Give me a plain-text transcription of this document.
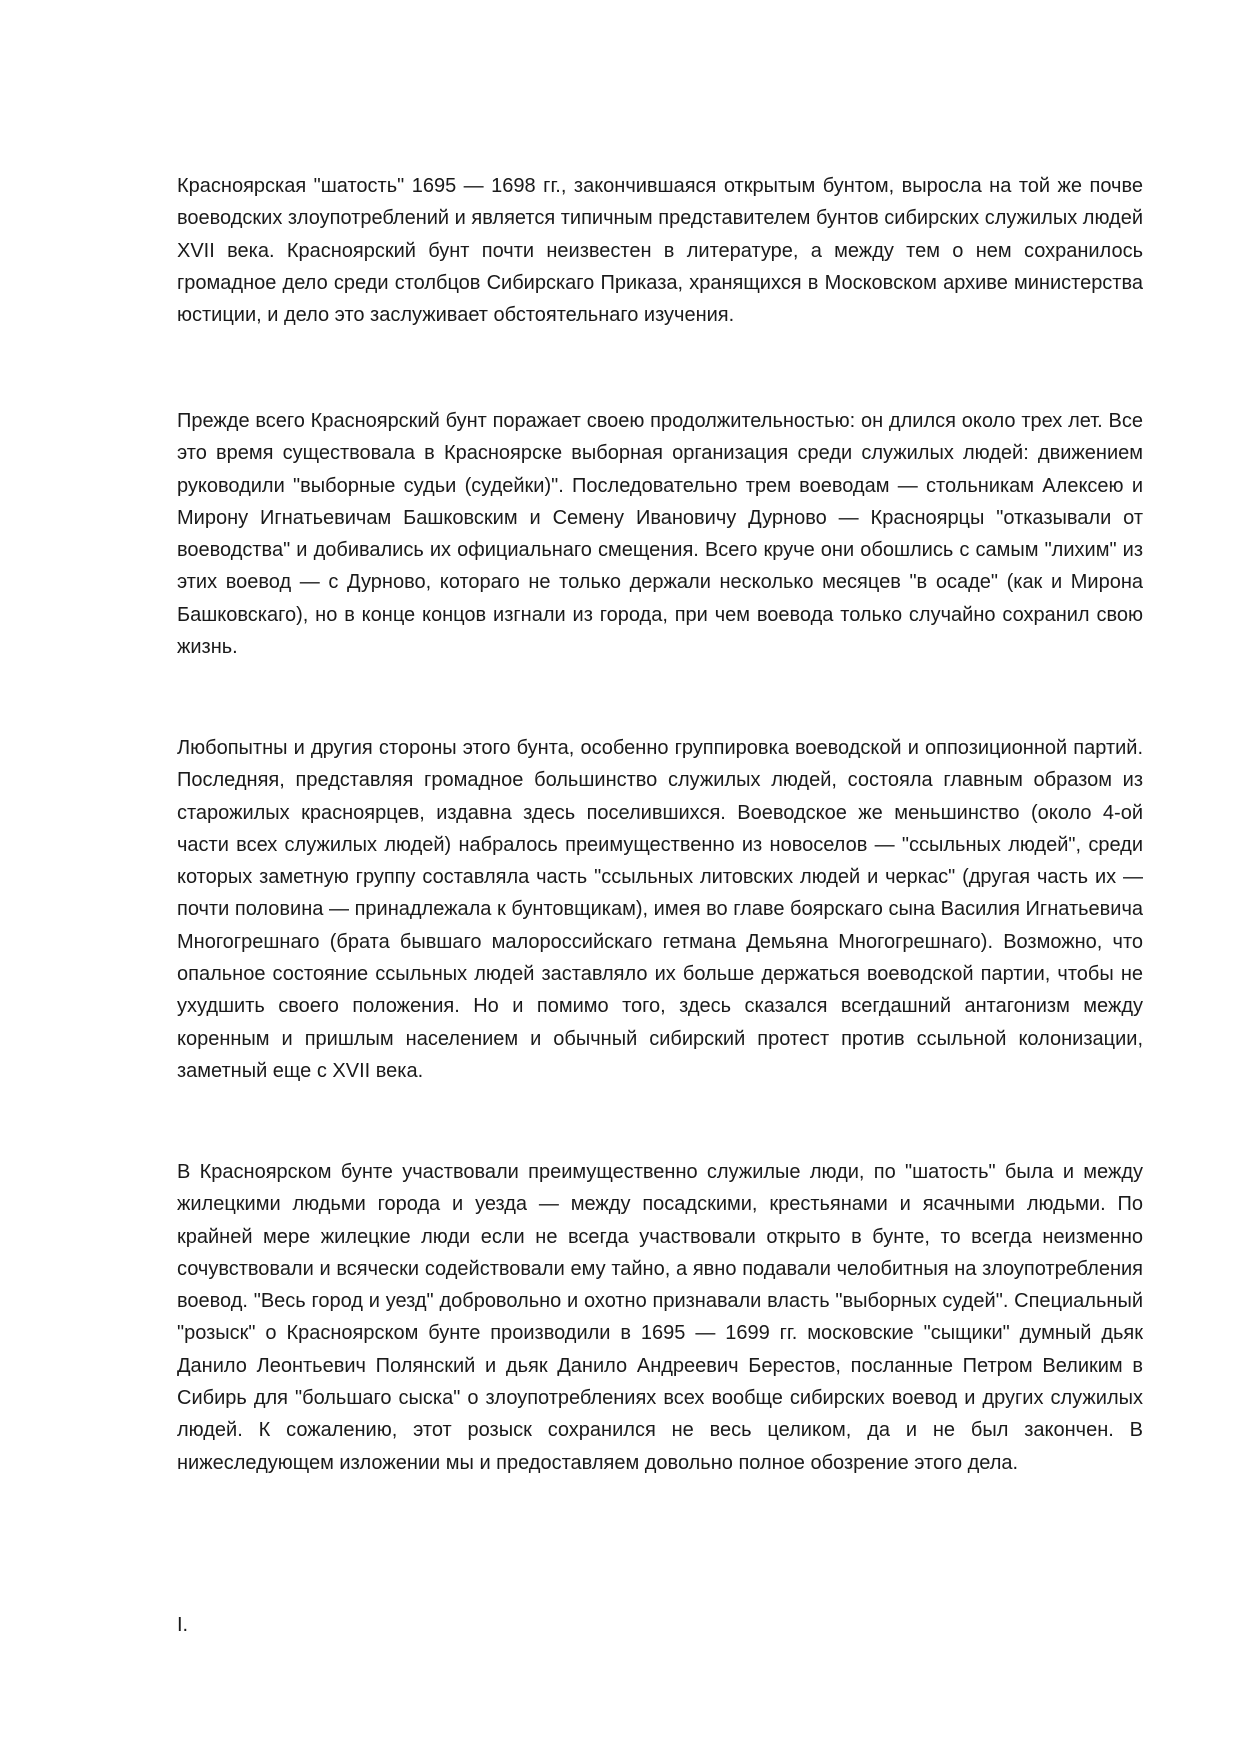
Красноярская "шатость" 1695 — 1698 гг., закончившаяся открытым бунтом, выросла на той же почве воеводских злоупотреблений и является типичным представителем бунтов сибирских служилых людей XVII века. Красноярский бунт почти неизвестен в литературе, а между тем о нем сохранилось громадное дело среди столбцов Сибирскаго Приказа, хранящихся в Московском архиве министерства юстиции, и дело это заслуживает обстоятельнаго изучения.

Прежде всего Красноярский бунт поражает своею продолжительностью: он длился около трех лет. Все это время существовала в Красноярске выборная организация среди служилых людей: движением руководили "выборные судьи (судейки)". Последовательно трем воеводам — стольникам Алексею и Мирону Игнатьевичам Башковским и Семену Ивановичу Дурново — Красноярцы "отказывали от воеводства" и добивались их официальнаго смещения. Всего круче они обошлись с самым "лихим" из этих воевод — с Дурново, котораго не только держали несколько месяцев "в осаде" (как и Мирона Башковскаго), но в конце концов изгнали из города, при чем воевода только случайно сохранил свою жизнь.

Любопытны и другия стороны этого бунта, особенно группировка воеводской и оппозиционной партий. Последняя, представляя громадное большинство служилых людей, состояла главным образом из старожилых красноярцев, издавна здесь поселившихся. Воеводское же меньшинство (около 4-ой части всех служилых людей) набралось преимущественно из новоселов — "ссыльных людей", среди которых заметную группу составляла часть "ссыльных литовских людей и черкас" (другая часть их — почти половина — принадлежала к бунтовщикам), имея во главе боярскаго сына Василия Игнатьевича Многогрешнаго (брата бывшаго малороссийскаго гетмана Демьяна Многогрешнаго). Возможно, что опальное состояние ссыльных людей заставляло их больше держаться воеводской партии, чтобы не ухудшить своего положения. Но и помимо того, здесь сказался всегдашний антагонизм между коренным и пришлым населением и обычный сибирский протест против ссыльной колонизации, заметный еще с XVII века.

В Красноярском бунте участвовали преимущественно служилые люди, по "шатость" была и между жилецкими людьми города и уезда — между посадскими, крестьянами и ясачными людьми. По крайней мере жилецкие люди если не всегда участвовали открыто в бунте, то всегда неизменно сочувствовали и всячески содействовали ему тайно, а явно подавали челобитныя на злоупотребления воевод. "Весь город и уезд" добровольно и охотно признавали власть "выборных судей". Специальный "розыск" о Красноярском бунте производили в 1695 — 1699 гг. московские "сыщики" думный дьяк Данило Леонтьевич Полянский и дьяк Данило Андреевич Берестов, посланные Петром Великим в Сибирь для "большаго сыска" о злоупотреблениях всех вообще сибирских воевод и других служилых людей. К сожалению, этот розыск сохранился не весь целиком, да и не был закончен. В нижеследующем изложении мы и предоставляем довольно полное обозрение этого дела.

I.
